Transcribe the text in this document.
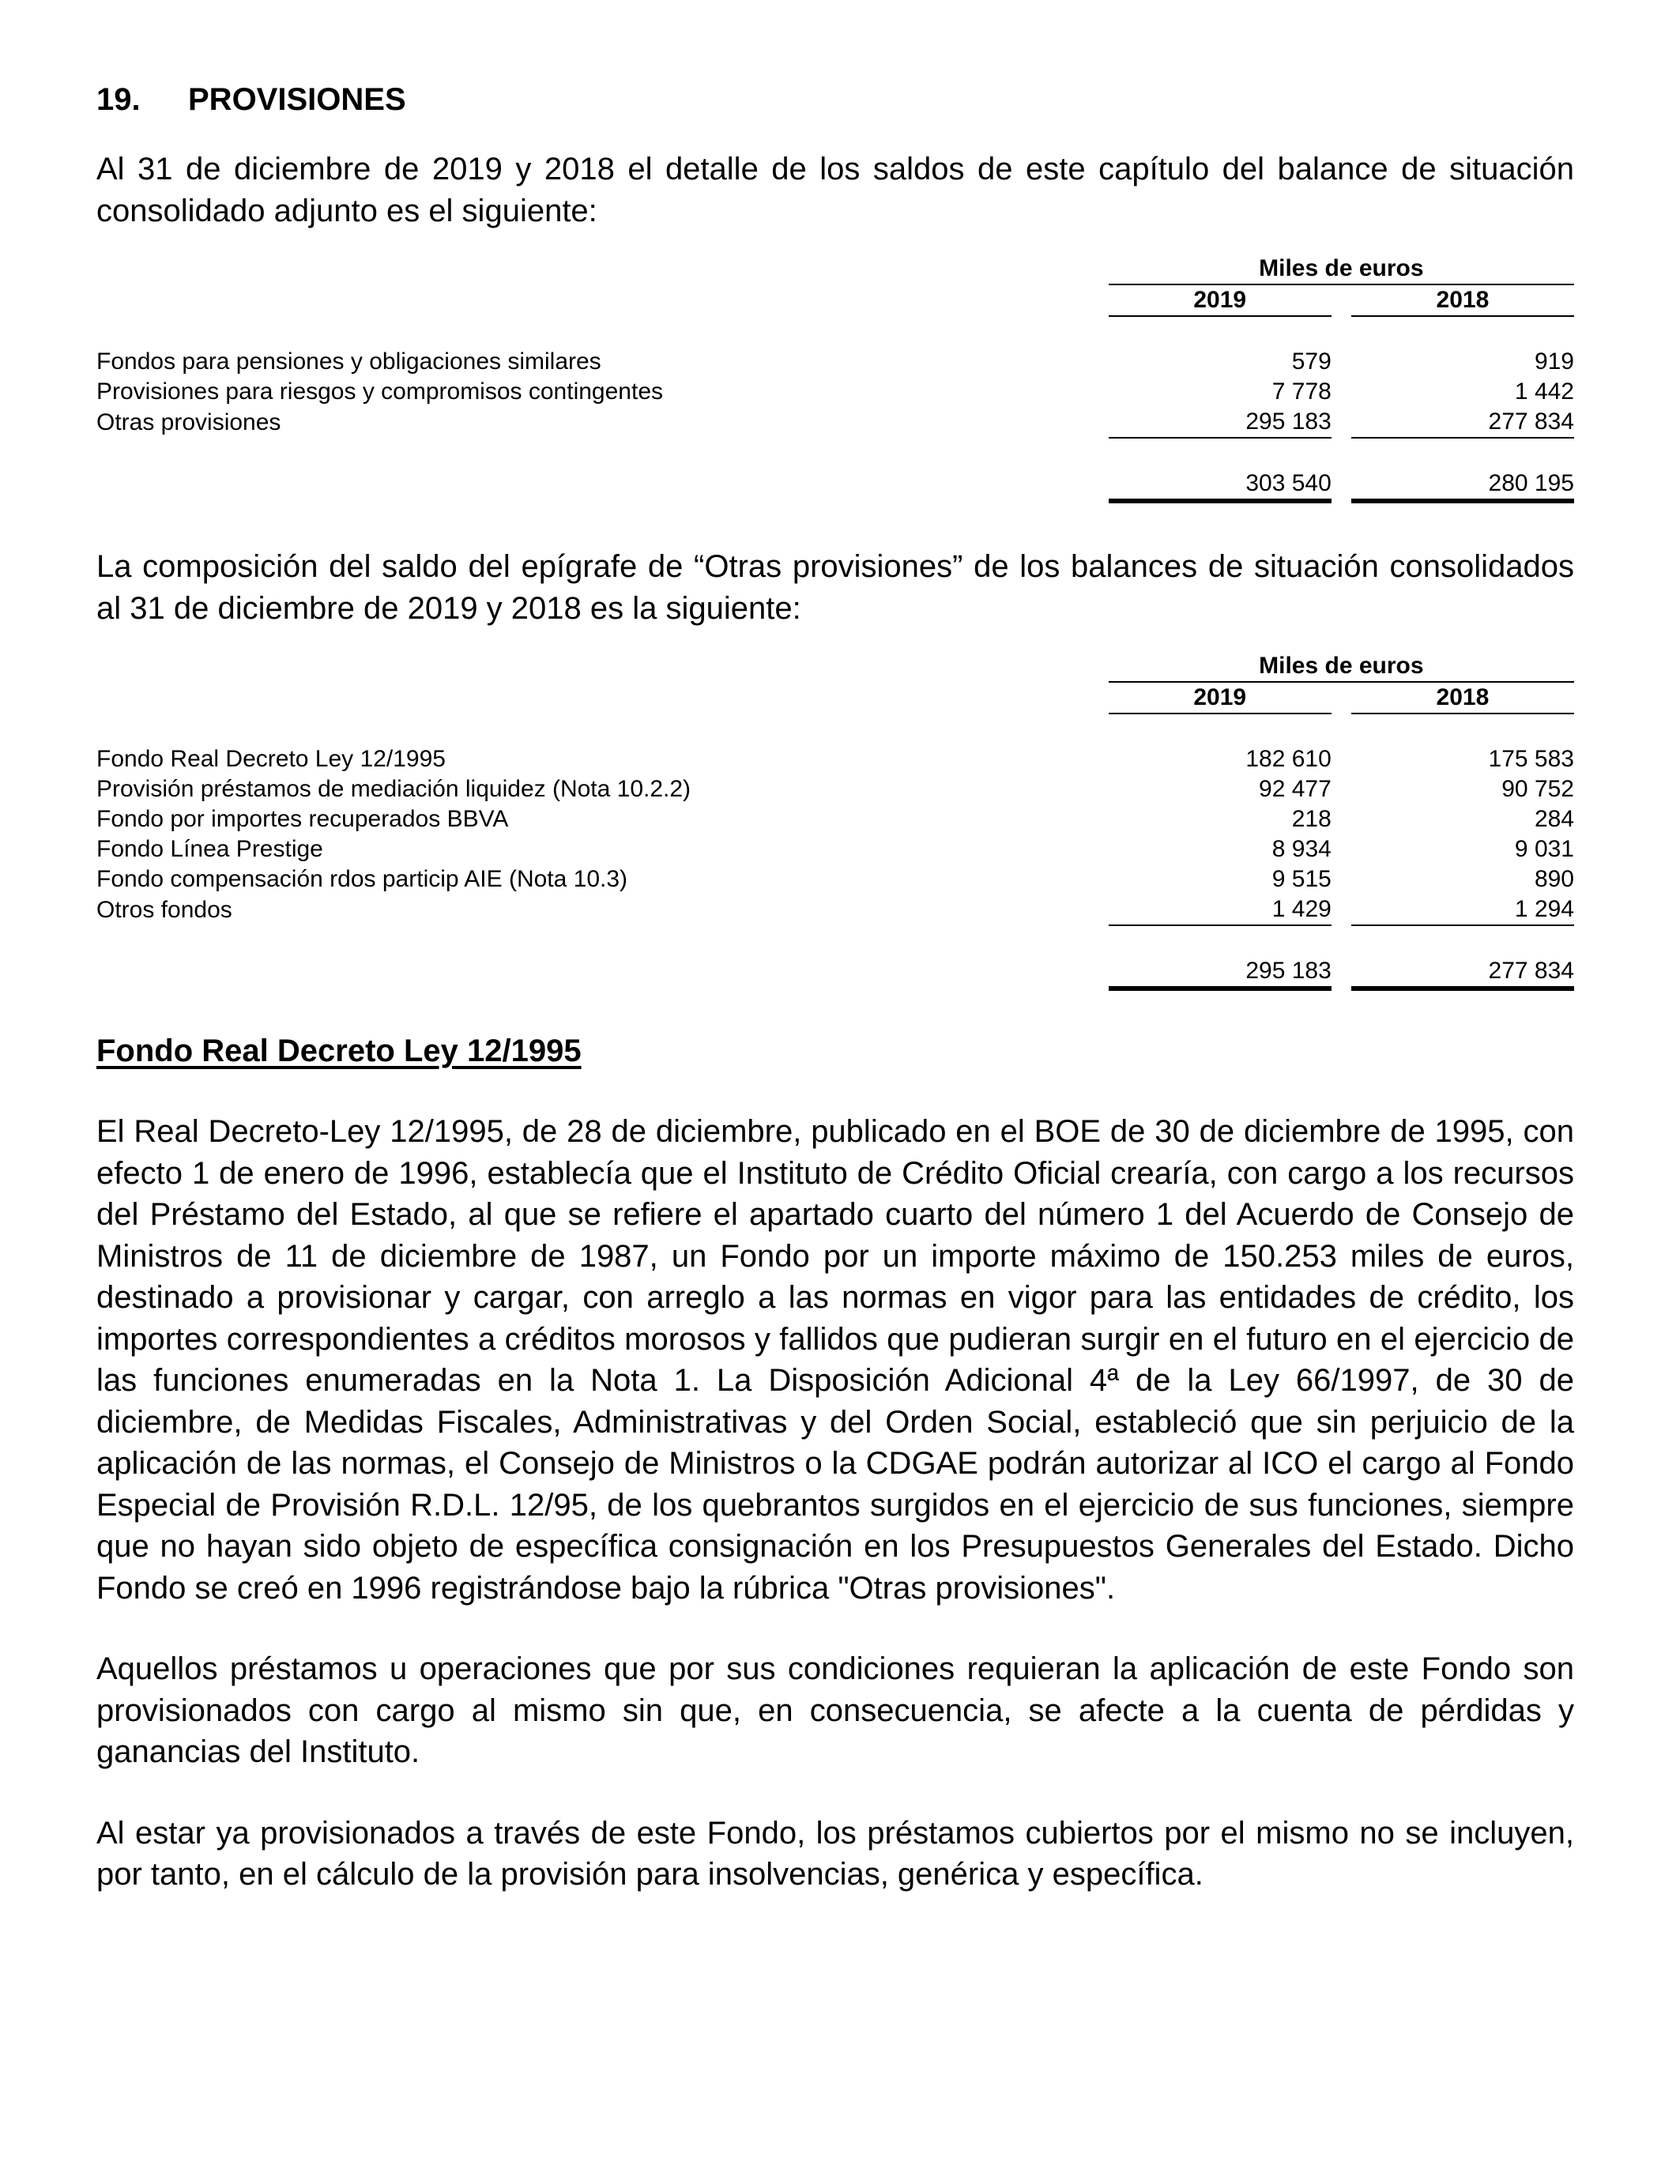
19. PROVISIONES

Al 31 de diciembre de 2019 y 2018 el detalle de los saldos de este capítulo del balance de situación consolidado adjunto es el siguiente:

	Miles de euros		
	2019		2018

Fondos para pensiones y obligaciones similares	579		919
Provisiones para riesgos y compromisos contingentes	7 778		1 442
Otras provisiones	295 183		277 834

	303 540		280 195

La composición del saldo del epígrafe de “Otras provisiones” de los balances de situación consolidados al 31 de diciembre de 2019 y 2018 es la siguiente:

	Miles de euros		
	2019		2018

Fondo Real Decreto Ley 12/1995	182 610		175 583
Provisión préstamos de mediación liquidez (Nota 10.2.2)	92 477		90 752
Fondo por importes recuperados BBVA	218		284
Fondo Línea Prestige	8 934		9 031
Fondo compensación rdos particip AIE (Nota 10.3)	9 515		890
Otros fondos	1 429		1 294

	295 183		277 834
Fondo Real Decreto Ley 12/1995

El Real Decreto-Ley 12/1995, de 28 de diciembre, publicado en el BOE de 30 de diciembre de 1995, con efecto 1 de enero de 1996, establecía que el Instituto de Crédito Oficial crearía, con cargo a los recursos del Préstamo del Estado, al que se refiere el apartado cuarto del número 1 del Acuerdo de Consejo de Ministros de 11 de diciembre de 1987, un Fondo por un importe máximo de 150.253 miles de euros, destinado a provisionar y cargar, con arreglo a las normas en vigor para las entidades de crédito, los importes correspondientes a créditos morosos y fallidos que pudieran surgir en el futuro en el ejercicio de las funciones enumeradas en la Nota 1. La Disposición Adicional 4ª de la Ley 66/1997, de 30 de diciembre, de Medidas Fiscales, Administrativas y del Orden Social, estableció que sin perjuicio de la aplicación de las normas, el Consejo de Ministros o la CDGAE podrán autorizar al ICO el cargo al Fondo Especial de Provisión R.D.L. 12/95, de los quebrantos surgidos en el ejercicio de sus funciones, siempre que no hayan sido objeto de específica consignación en los Presupuestos Generales del Estado. Dicho Fondo se creó en 1996 registrándose bajo la rúbrica "Otras provisiones".

Aquellos préstamos u operaciones que por sus condiciones requieran la aplicación de este Fondo son provisionados con cargo al mismo sin que, en consecuencia, se afecte a la cuenta de pérdidas y ganancias del Instituto.

Al estar ya provisionados a través de este Fondo, los préstamos cubiertos por el mismo no se incluyen, por tanto, en el cálculo de la provisión para insolvencias, genérica y específica.
